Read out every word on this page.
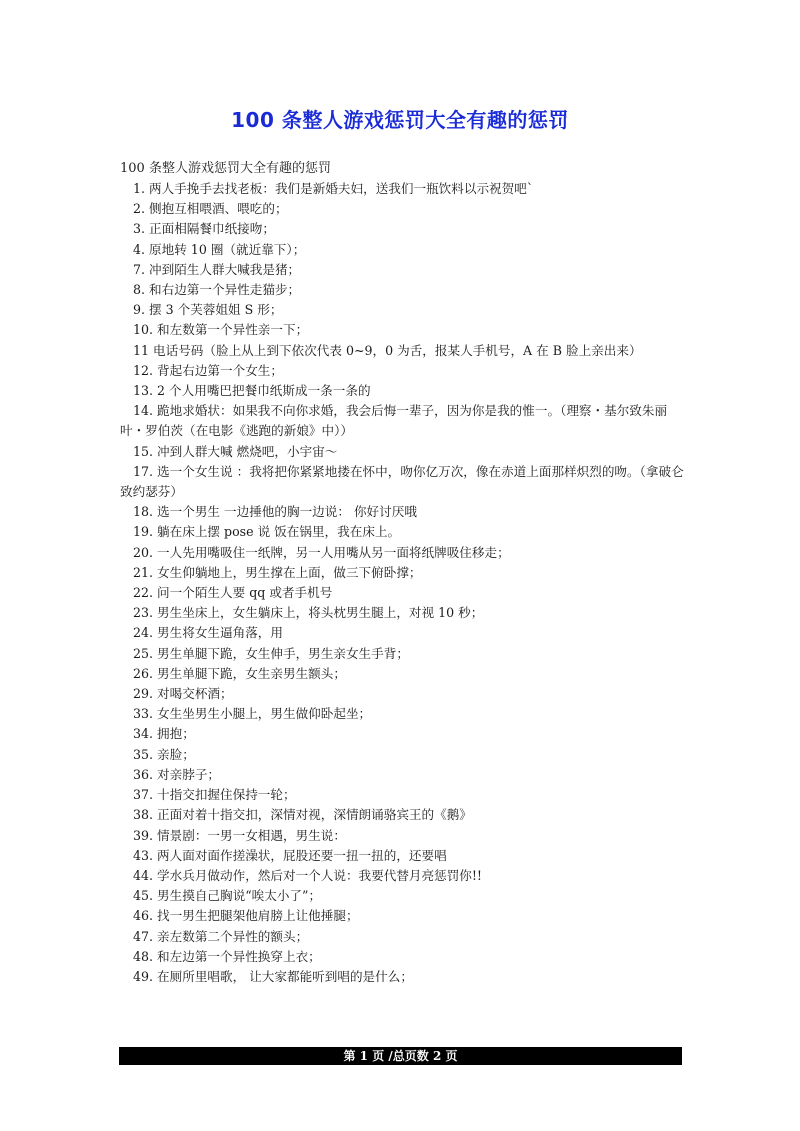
100 条整人游戏惩罚大全有趣的惩罚
100 条整人游戏惩罚大全有趣的惩罚
1. 两人手挽手去找老板：我们是新婚夫妇，送我们一瓶饮料以示祝贺吧`
2. 侧抱互相喂酒、喂吃的；
3. 正面相隔餐巾纸接吻；
4. 原地转 10 圈（就近靠下）；
7. 冲到陌生人群大喊我是猪；
8. 和右边第一个异性走猫步；
9. 摆 3 个芙蓉姐姐 S 形；
10. 和左数第一个异性亲一下；
11 电话号码（脸上从上到下依次代表 0~9，0 为舌，报某人手机号，A 在 B 脸上亲出来）
12. 背起右边第一个女生；
13. 2 个人用嘴巴把餐巾纸斯成一条一条的
14. 跪地求婚状：如果我不向你求婚，我会后悔一辈子，因为你是我的惟一。（理察・基尔致朱丽叶・罗伯茨（在电影《逃跑的新娘》中））
15. 冲到人群大喊 燃烧吧，小宇宙～
17. 选一个女生说 ：我将把你紧紧地搂在怀中，吻你亿万次，像在赤道上面那样炽烈的吻。（拿破仑致约瑟芬）
18. 选一个男生 一边捶他的胸一边说： 你好讨厌哦
19. 躺在床上摆 pose 说 饭在锅里，我在床上。
20. 一人先用嘴吸住一纸牌，另一人用嘴从另一面将纸牌吸住移走；
21. 女生仰躺地上，男生撑在上面，做三下俯卧撑；
22. 问一个陌生人要 qq 或者手机号
23. 男生坐床上，女生躺床上，将头枕男生腿上，对视 10 秒；
24. 男生将女生逼角落，用
25. 男生单腿下跪，女生伸手，男生亲女生手背；
26. 男生单腿下跪，女生亲男生额头；
29. 对喝交杯酒；
33. 女生坐男生小腿上，男生做仰卧起坐；
34. 拥抱；
35. 亲脸；
36. 对亲脖子；
37. 十指交扣握住保持一轮；
38. 正面对着十指交扣，深情对视，深情朗诵骆宾王的《鹅》
39. 情景剧：一男一女相遇，男生说：
43. 两人面对面作搓澡状，屁股还要一扭一扭的，还要唱
44. 学水兵月做动作，然后对一个人说：我要代替月亮惩罚你!!
45. 男生摸自己胸说“唉太小了”；
46. 找一男生把腿架他肩膀上让他捶腿；
47. 亲左数第二个异性的额头；
48. 和左边第一个异性换穿上衣；
49. 在厕所里唱歌， 让大家都能听到唱的是什么；
第 1 页 /总页数 2 页
